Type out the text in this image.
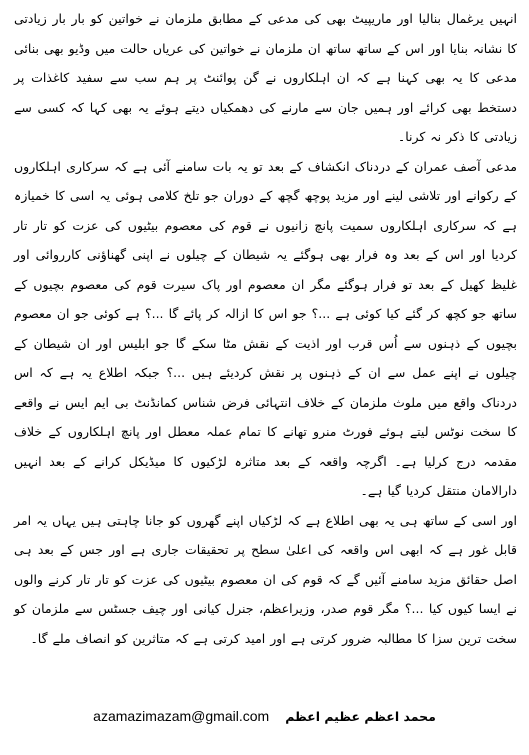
انہیں یرغمال بنالیا اور ماریپیٹ بھی کی مدعی کے مطابق ملزمان نے خواتین کو بار بار زیادتی کا نشانہ بنایا اور اس کے ساتھ ساتھ ان ملزمان نے خواتین کی عریاں حالت میں وڈیو بھی بنائی مدعی کا یہ بھی کہنا ہے کہ ان اہلکاروں نے گن پوائنٹ پر ہم سب سے سفید کاغذات پر دستخط بھی کرائے اور ہمیں جان سے مارنے کی دھمکیاں دیتے ہوئے یہ بھی کہا کہ کسی سے زیادتی کا ذکر نہ کرنا۔

مدعی آصف عمران کے دردناک انکشاف کے بعد تو یہ بات سامنے آئی ہے کہ سرکاری اہلکاروں کے رکوانے اور تلاشی لینے اور مزید پوچھ گچھ کے دوران جو تلخ کلامی ہوئی یہ اسی کا خمیازہ ہے کہ سرکاری اہلکاروں سمیت پانچ زانیوں نے قوم کی معصوم بیٹیوں کی عزت کو تار تار کردیا اور اس کے بعد وہ فرار بھی ہوگئے یہ شیطان کے چیلوں نے اپنی گھناؤنی کارروائی اور غلیظ کھیل کے بعد تو فرار ہوگئے مگر ان معصوم اور پاک سیرت قوم کی معصوم بچیوں کے ساتھ جو کچھ کر گئے کیا کوئی ہے ...؟ جو اس کا ازالہ کر پائے گا ...؟ ہے کوئی جو ان معصوم بچیوں کے ذہنوں سے اُس قرب اور اذیت کے نقش مٹا سکے گا جو ابلیس اور ان شیطان کے چیلوں نے اپنے عمل سے ان کے ذہنوں پر نقش کردیئے ہیں ...؟ جبکہ اطلاع یہ ہے کہ اس دردناک واقع میں ملوث ملزمان کے خلاف انتہائی فرض شناس کمانڈنٹ بی ایم ایس نے واقعے کا سخت نوٹس لیتے ہوئے فورٹ منرو تھانے کا تمام عملہ معطل اور پانچ اہلکاروں کے خلاف مقدمہ درج کرلیا ہے۔ اگرچہ واقعہ کے بعد متاثرہ لڑکیوں کا میڈیکل کرانے کے بعد انہیں دارالامان منتقل کردیا گیا ہے۔

اور اسی کے ساتھ ہی یہ بھی اطلاع ہے کہ لڑکیاں اپنے گھروں کو جانا چاہتی ہیں یہاں یہ امر قابل غور ہے کہ ابھی اس واقعہ کی اعلیٰ سطح پر تحقیقات جاری ہے اور جس کے بعد ہی اصل حقائق مزید سامنے آئیں گے کہ قوم کی ان معصوم بیٹیوں کی عزت کو تار تار کرنے والوں نے ایسا کیوں کیا ...؟ مگر قوم صدر، وزیراعظم، جنرل کیانی اور چیف جسٹس سے ملزمان کو سخت ترین سزا کا مطالبہ ضرور کرتی ہے اور امید کرتی ہے کہ متاثرین کو انصاف ملے گا۔

azamazimazam@gmail.com محمد اعظم عظیم اعظم
